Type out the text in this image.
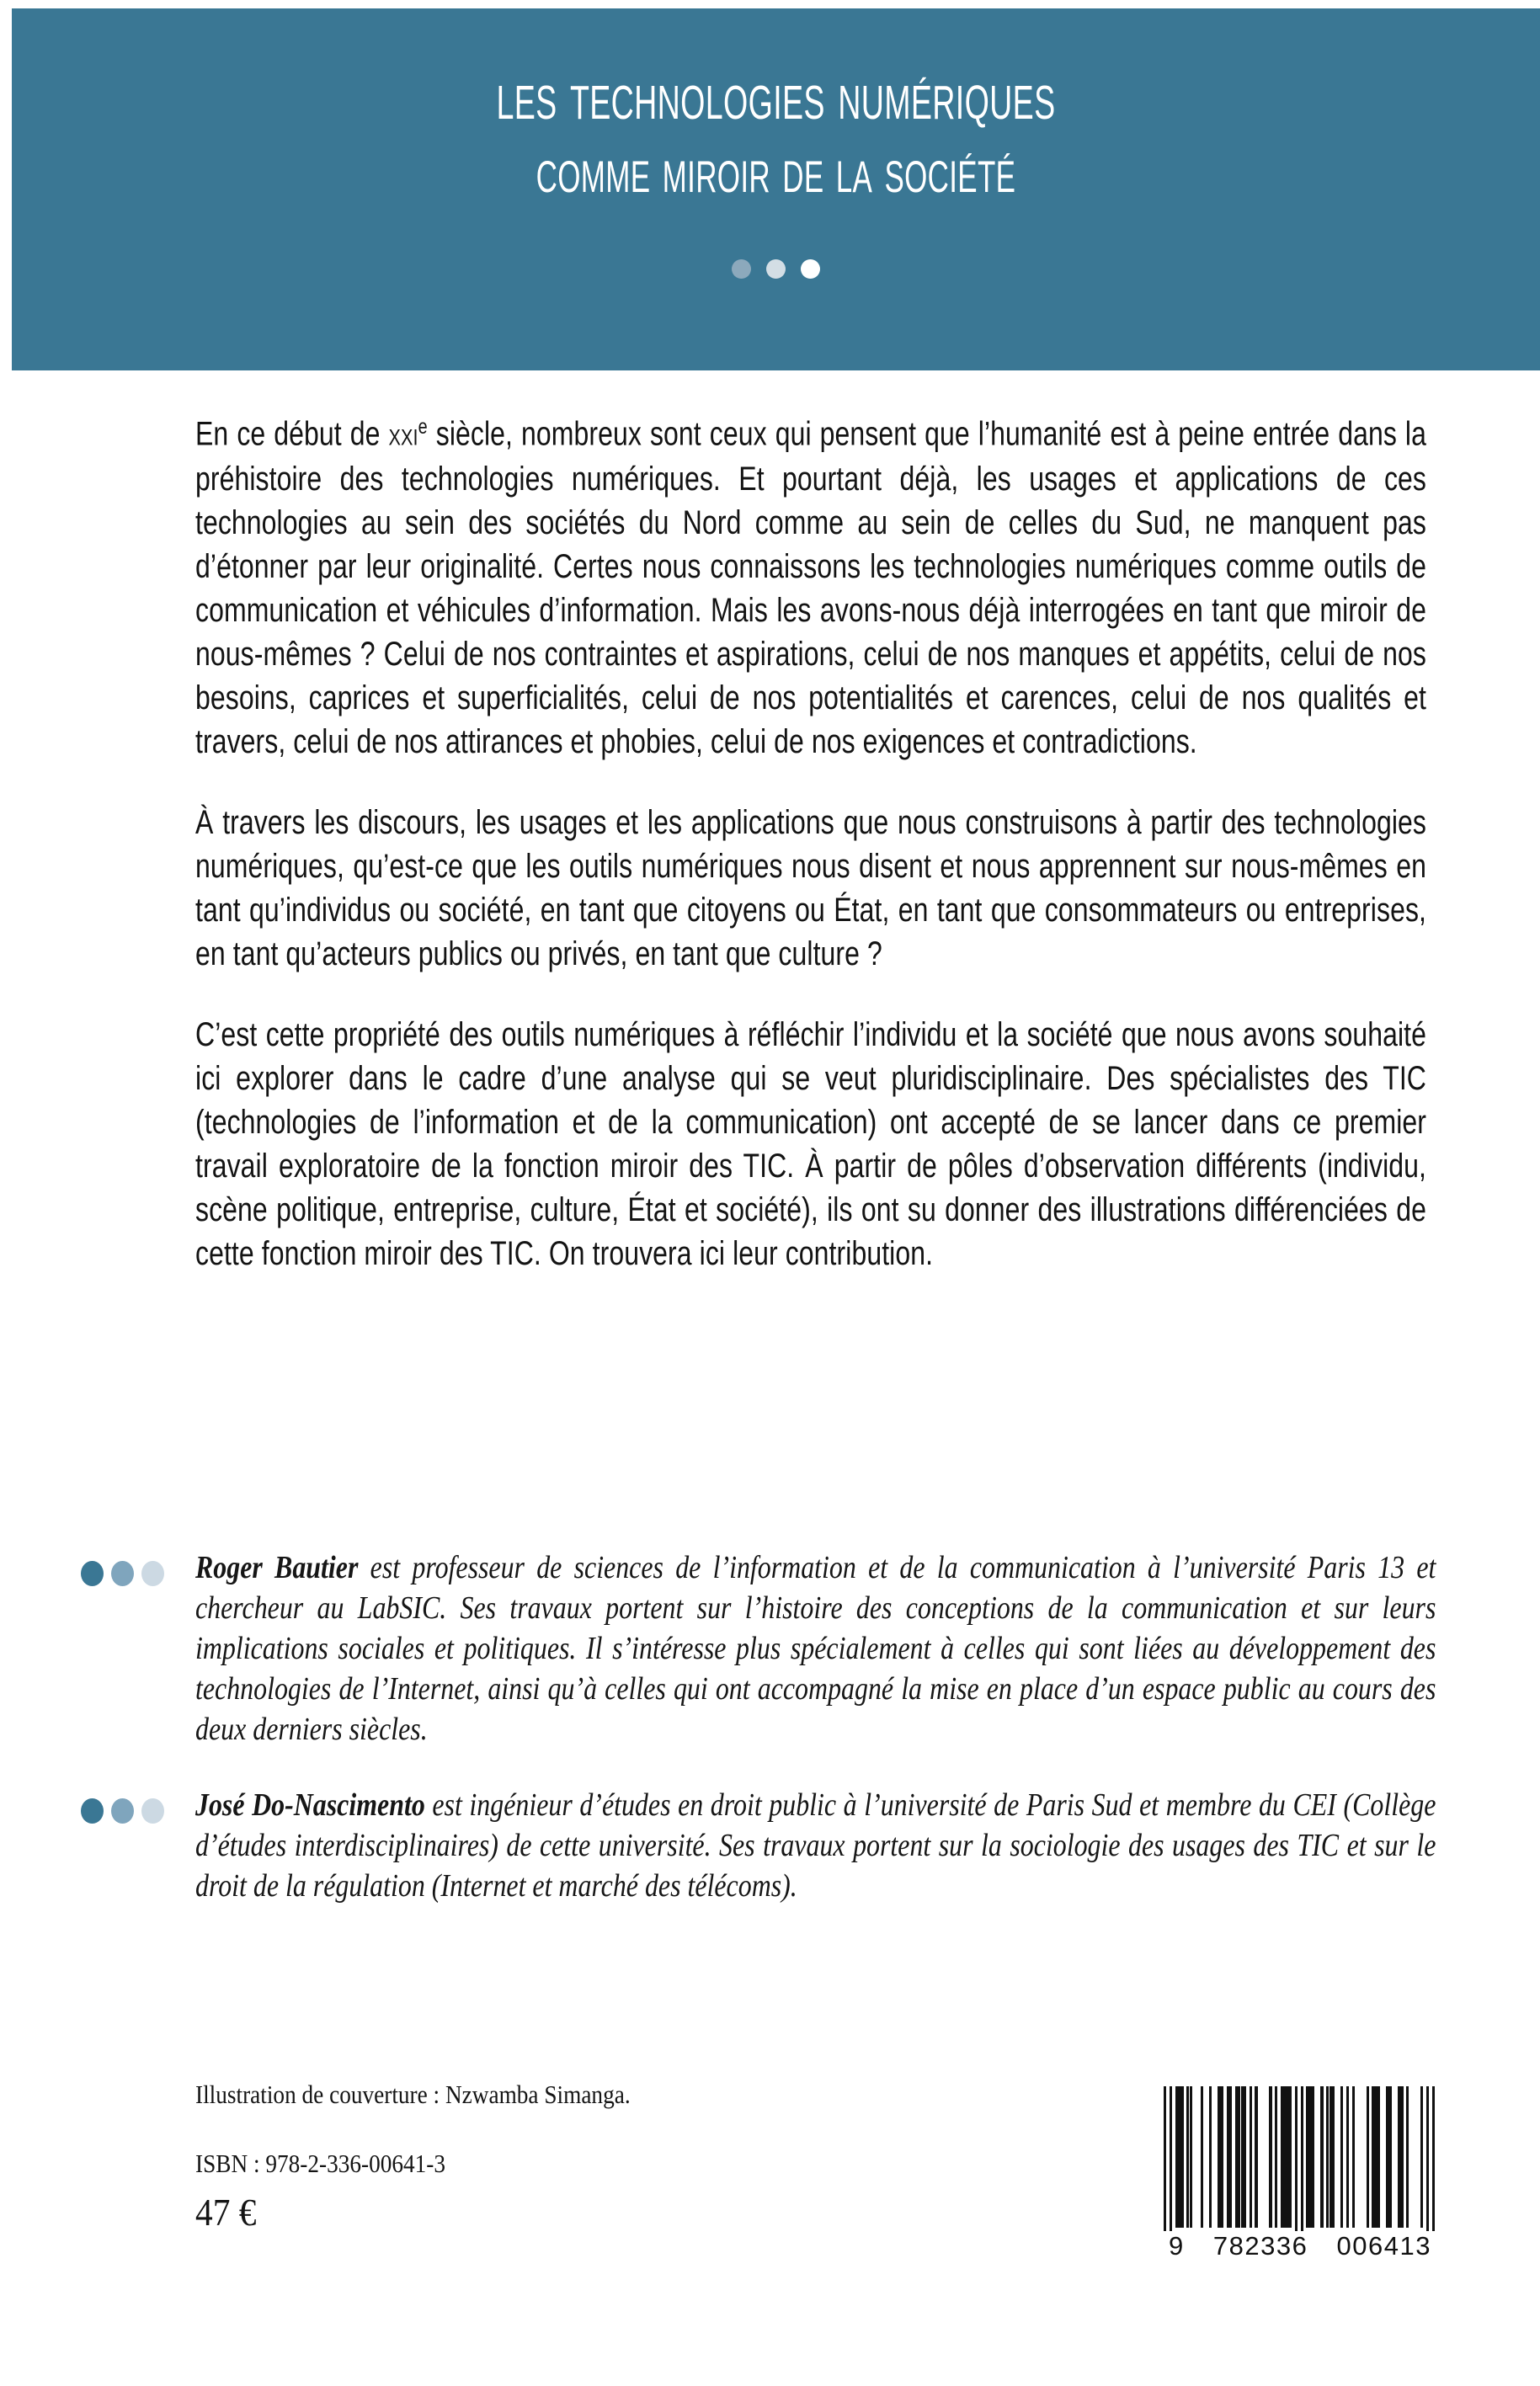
les technologies numériques
comme miroir de la société

En ce début de xxi$^e$ siècle, nombreux sont ceux qui pensent que l’humanité est à peine entrée dans la préhistoire des technologies numériques. Et pourtant déjà, les usages et applications de ces technologies au sein des sociétés du Nord comme au sein de celles du Sud, ne manquent pas d’étonner par leur originalité. Certes nous connaissons les technologies numériques comme outils de communication et véhicules d’information. Mais les avons-nous déjà interrogées en tant que miroir de nous-mêmes ? Celui de nos contraintes et aspirations, celui de nos manques et appétits, celui de nos besoins, caprices et superficialités, celui de nos potentialités et carences, celui de nos qualités et travers, celui de nos attirances et phobies, celui de nos exigences et contradictions.

À travers les discours, les usages et les applications que nous construisons à partir des technologies numériques, qu’est-ce que les outils numériques nous disent et nous apprennent sur nous-mêmes en tant qu’individus ou société, en tant que citoyens ou État, en tant que consommateurs ou entreprises, en tant qu’acteurs publics ou privés, en tant que culture ?

C’est cette propriété des outils numériques à réfléchir l’individu et la société que nous avons souhaité ici explorer dans le cadre d’une analyse qui se veut pluridisciplinaire. Des spécialistes des TIC (technologies de l’information et de la communication) ont accepté de se lancer dans ce premier travail exploratoire de la fonction miroir des TIC. À partir de pôles d’observation différents (individu, scène politique, entreprise, culture, État et société), ils ont su donner des illustrations différenciées de cette fonction miroir des TIC. On trouvera ici leur contribution.

Roger Bautier est professeur de sciences de l’information et de la communication à l’université Paris 13 et chercheur au LabSIC. Ses travaux portent sur l’histoire des conceptions de la communication et sur leurs implications sociales et politiques. Il s’intéresse plus spécialement à celles qui sont liées au développement des technologies de l’Internet, ainsi qu’à celles qui ont accompagné la mise en place d’un espace public au cours des deux derniers siècles.
José Do-Nascimento est ingénieur d’études en droit public à l’université de Paris Sud et membre du CEI (Collège d’études interdisciplinaires) de cette université. Ses travaux portent sur la sociologie des usages des TIC et sur le droit de la régulation (Internet et marché des télécoms).

Illustration de couverture : Nzwamba Simanga.

ISBN : 978-2-336-00641-3

47 €

9 782336 006413
